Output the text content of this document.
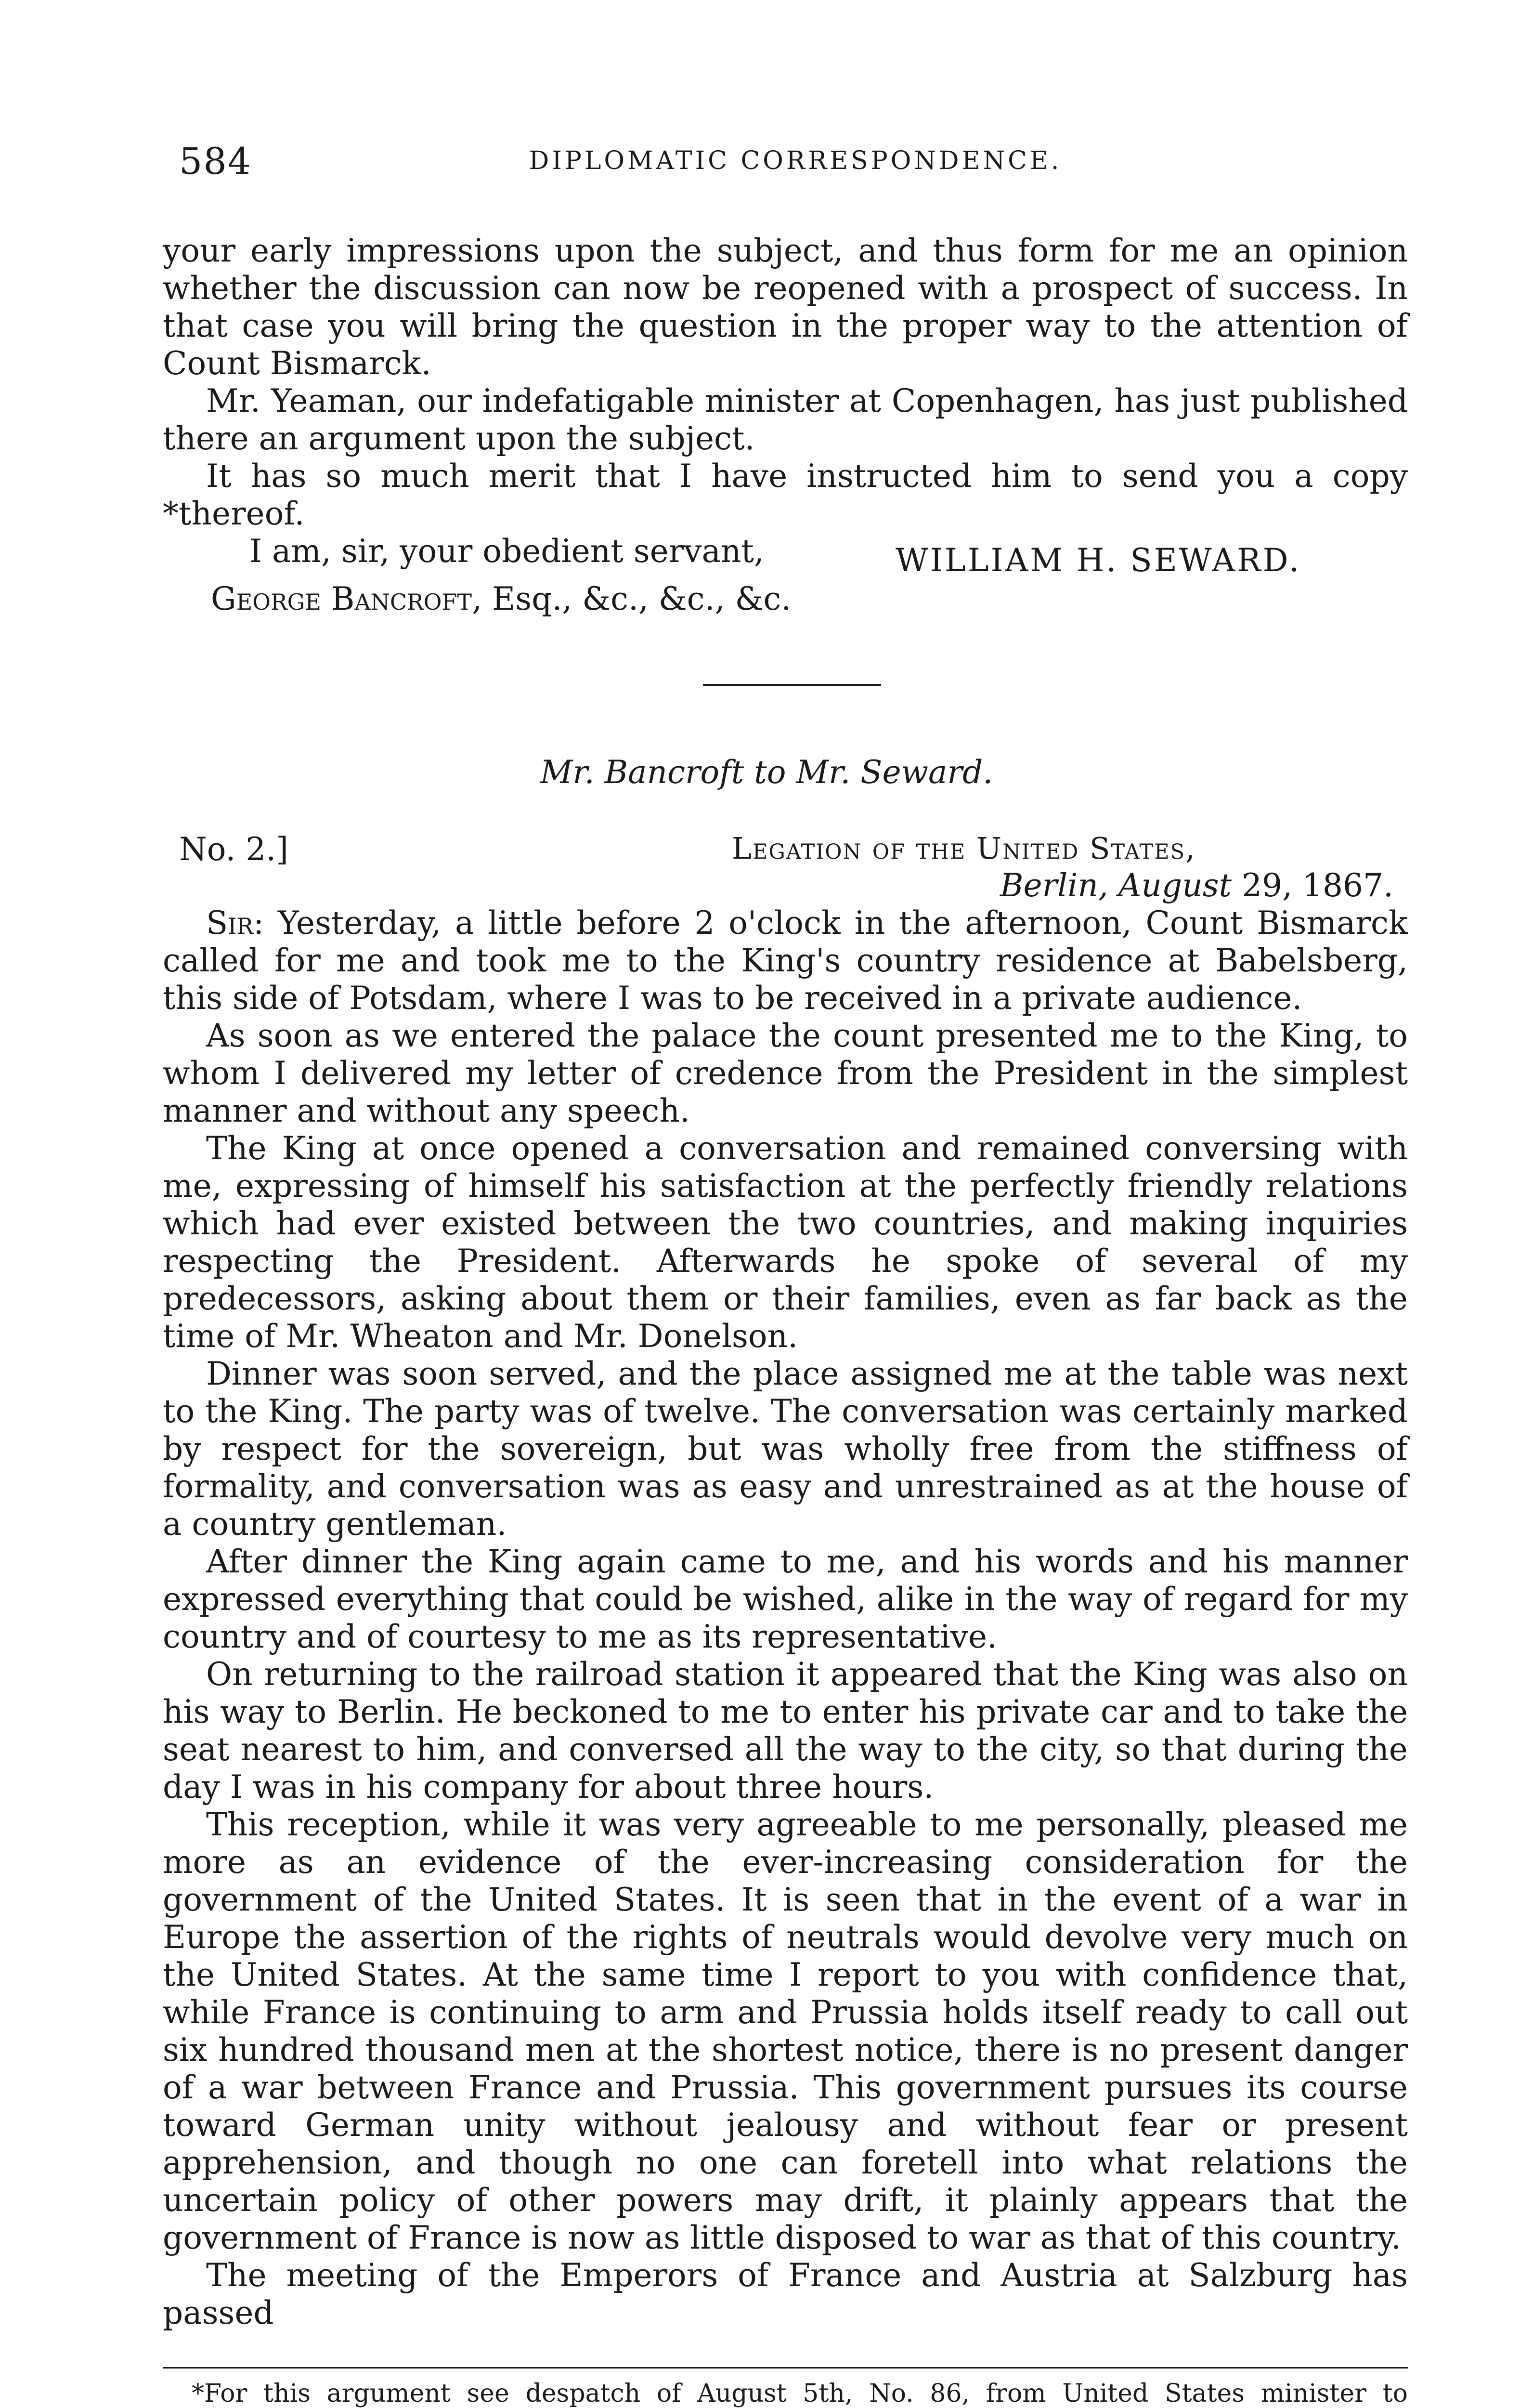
584	DIPLOMATIC CORRESPONDENCE.

your early impressions upon the subject, and thus form for me an opinion whether the discussion can now be reopened with a prospect of success. In that case you will bring the question in the proper way to the attention of Count Bismarck.

Mr. Yeaman, our indefatigable minister at Copenhagen, has just published there an argument upon the subject.

It has so much merit that I have instructed him to send you a copy *thereof.

I am, sir, your obedient servant,	WILLIAM H. SEWARD.
George Bancroft, Esq., &c., &c., &c.
Mr. Bancroft to Mr. Seward.
No. 2.]	Legation of the United States,
Berlin, August 29, 1867.

Sir: Yesterday, a little before 2 o'clock in the afternoon, Count Bismarck called for me and took me to the King's country residence at Babelsberg, this side of Potsdam, where I was to be received in a private audience.

As soon as we entered the palace the count presented me to the King, to whom I delivered my letter of credence from the President in the simplest manner and without any speech.

The King at once opened a conversation and remained conversing with me, expressing of himself his satisfaction at the perfectly friendly relations which had ever existed between the two countries, and making inquiries respecting the President. Afterwards he spoke of several of my predecessors, asking about them or their families, even as far back as the time of Mr. Wheaton and Mr. Donelson.

Dinner was soon served, and the place assigned me at the table was next to the King. The party was of twelve. The conversation was certainly marked by respect for the sovereign, but was wholly free from the stiffness of formality, and conversation was as easy and unrestrained as at the house of a country gentleman.

After dinner the King again came to me, and his words and his manner expressed everything that could be wished, alike in the way of regard for my country and of courtesy to me as its representative.

On returning to the railroad station it appeared that the King was also on his way to Berlin. He beckoned to me to enter his private car and to take the seat nearest to him, and conversed all the way to the city, so that during the day I was in his company for about three hours.

This reception, while it was very agreeable to me personally, pleased me more as an evidence of the ever-increasing consideration for the government of the United States. It is seen that in the event of a war in Europe the assertion of the rights of neutrals would devolve very much on the United States. At the same time I report to you with confidence that, while France is continuing to arm and Prussia holds itself ready to call out six hundred thousand men at the shortest notice, there is no present danger of a war between France and Prussia. This government pursues its course toward German unity without jealousy and without fear or present apprehension, and though no one can foretell into what relations the uncertain policy of other powers may drift, it plainly appears that the government of France is now as little disposed to war as that of this country.

The meeting of the Emperors of France and Austria at Salzburg has passed

*For this argument see despatch of August 5th, No. 86, from United States minister to
